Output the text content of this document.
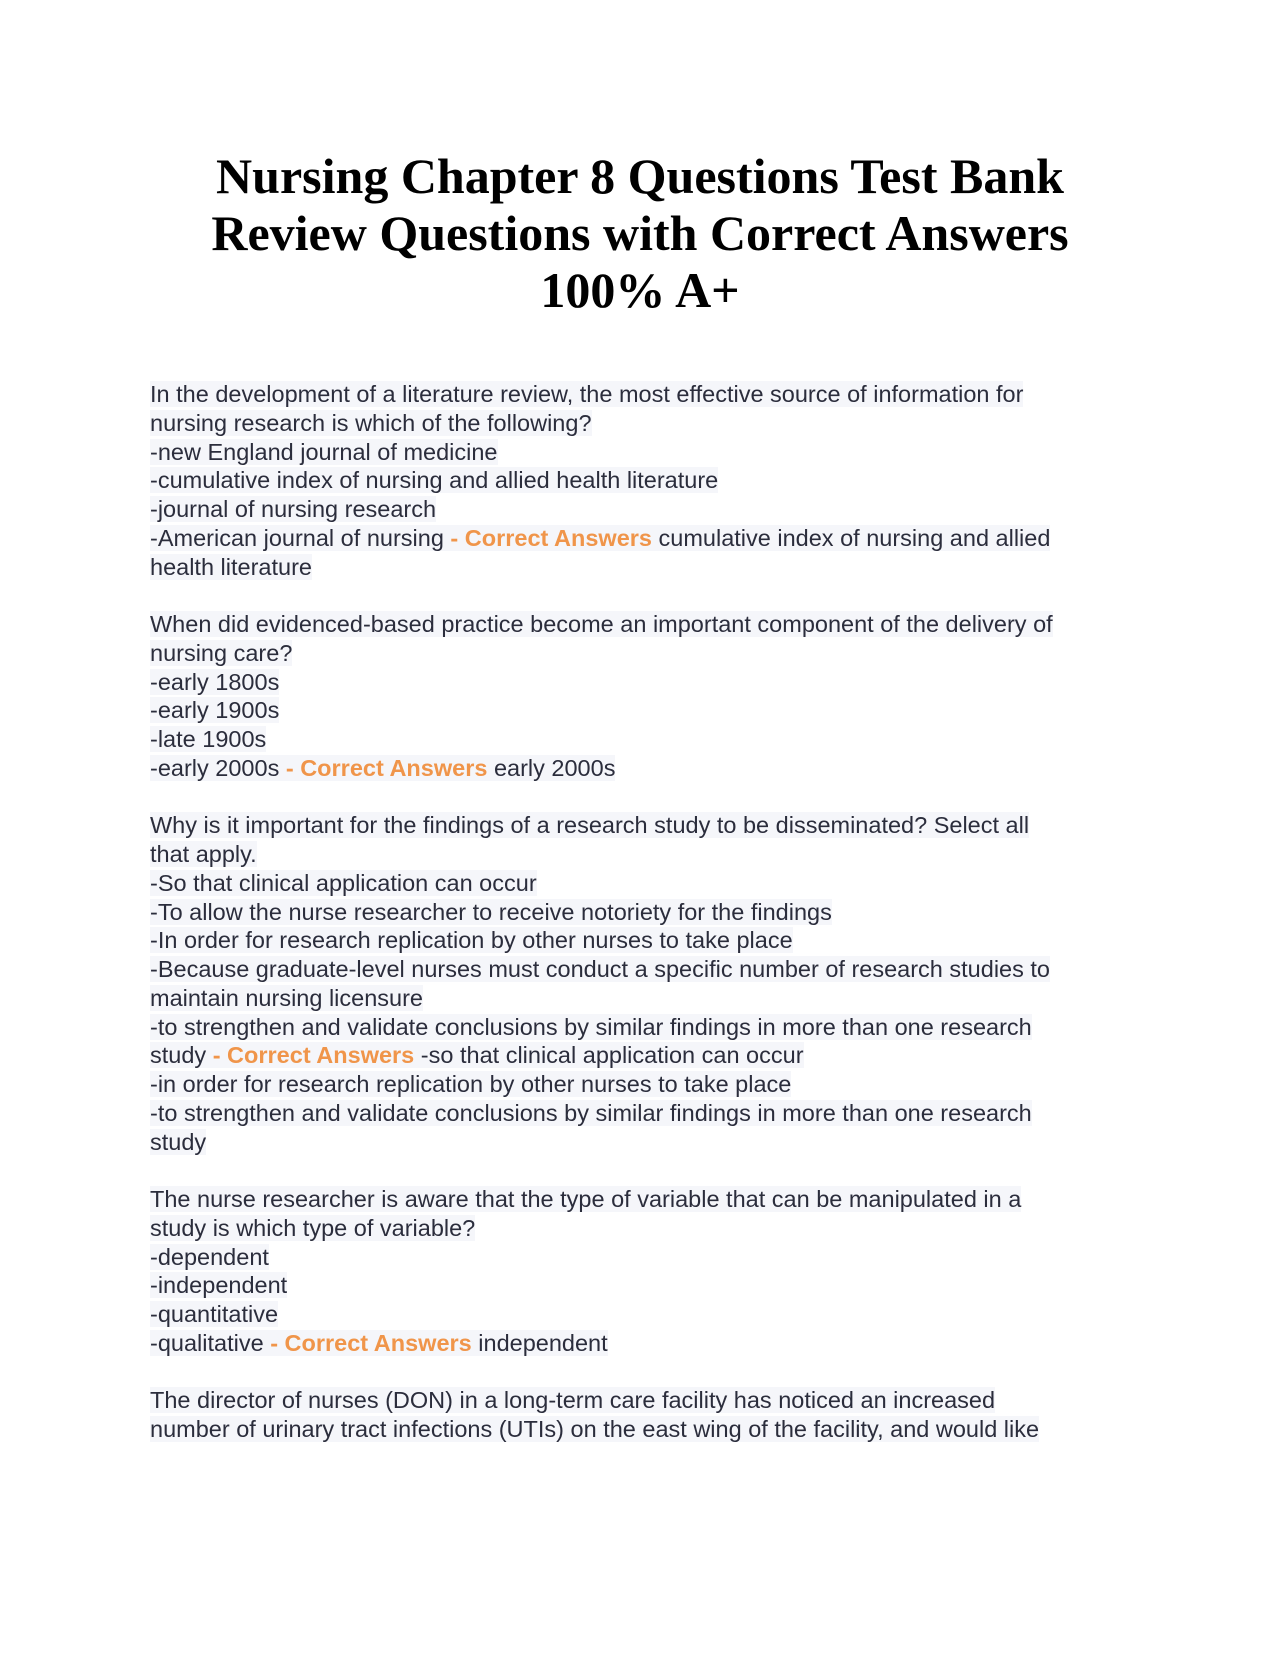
Nursing Chapter 8 Questions Test Bank
Review Questions with Correct Answers
100% A+
In the development of a literature review, the most effective source of information for
nursing research is which of the following?
-new England journal of medicine
-cumulative index of nursing and allied health literature
-journal of nursing research
-American journal of nursing - Correct Answers cumulative index of nursing and allied
health literature
When did evidenced-based practice become an important component of the delivery of
nursing care?
-early 1800s
-early 1900s
-late 1900s
-early 2000s - Correct Answers early 2000s
Why is it important for the findings of a research study to be disseminated? Select all
that apply.
-So that clinical application can occur
-To allow the nurse researcher to receive notoriety for the findings
-In order for research replication by other nurses to take place
-Because graduate-level nurses must conduct a specific number of research studies to
maintain nursing licensure
-to strengthen and validate conclusions by similar findings in more than one research
study - Correct Answers -so that clinical application can occur
-in order for research replication by other nurses to take place
-to strengthen and validate conclusions by similar findings in more than one research
study
The nurse researcher is aware that the type of variable that can be manipulated in a
study is which type of variable?
-dependent
-independent
-quantitative
-qualitative - Correct Answers independent
The director of nurses (DON) in a long-term care facility has noticed an increased
number of urinary tract infections (UTIs) on the east wing of the facility, and would like
